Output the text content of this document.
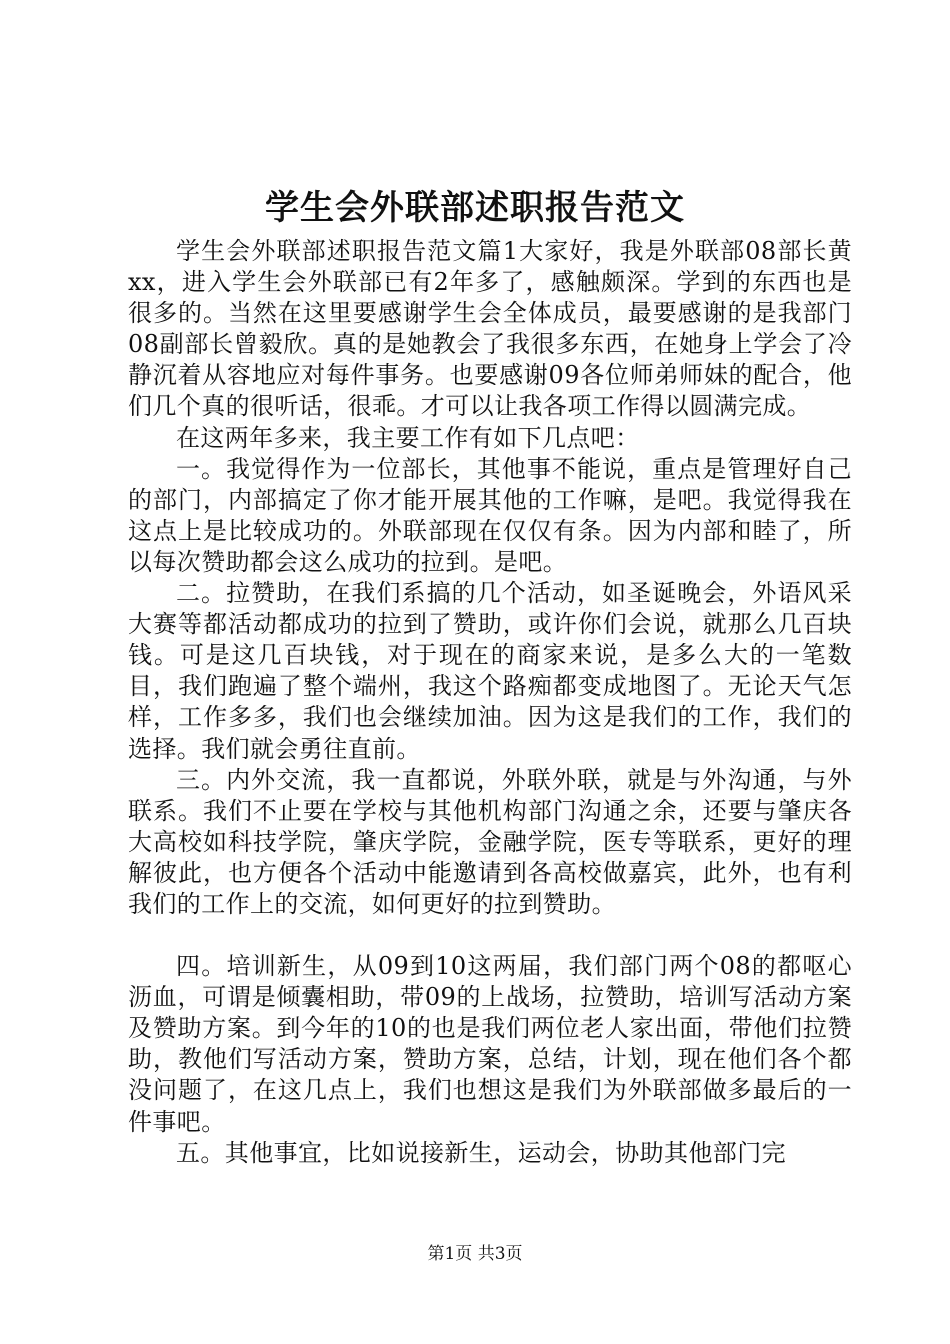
学生会外联部述职报告范文

学生会外联部述职报告范文篇1大家好，我是外联部08部长黄xx，进入学生会外联部已有2年多了，感触颇深。学到的东西也是很多的。当然在这里要感谢学生会全体成员，最要感谢的是我部门08副部长曾毅欣。真的是她教会了我很多东西，在她身上学会了冷静沉着从容地应对每件事务。也要感谢09各位师弟师妹的配合，他们几个真的很听话，很乖。才可以让我各项工作得以圆满完成。

在这两年多来，我主要工作有如下几点吧：

一。我觉得作为一位部长，其他事不能说，重点是管理好自己的部门，内部搞定了你才能开展其他的工作嘛，是吧。我觉得我在这点上是比较成功的。外联部现在仅仅有条。因为内部和睦了，所以每次赞助都会这么成功的拉到。是吧。

二。拉赞助，在我们系搞的几个活动，如圣诞晚会，外语风采大赛等都活动都成功的拉到了赞助，或许你们会说，就那么几百块钱。可是这几百块钱，对于现在的商家来说，是多么大的一笔数目，我们跑遍了整个端州，我这个路痴都变成地图了。无论天气怎样，工作多多，我们也会继续加油。因为这是我们的工作，我们的选择。我们就会勇往直前。

三。内外交流，我一直都说，外联外联，就是与外沟通，与外联系。我们不止要在学校与其他机构部门沟通之余，还要与肇庆各大高校如科技学院，肇庆学院，金融学院，医专等联系，更好的理解彼此，也方便各个活动中能邀请到各高校做嘉宾，此外，也有利我们的工作上的交流，如何更好的拉到赞助。

四。培训新生，从09到10这两届，我们部门两个08的都呕心沥血，可谓是倾囊相助，带09的上战场，拉赞助，培训写活动方案及赞助方案。到今年的10的也是我们两位老人家出面，带他们拉赞助，教他们写活动方案，赞助方案，总结，计划，现在他们各个都没问题了，在这几点上，我们也想这是我们为外联部做多最后的一件事吧。

五。其他事宜，比如说接新生，运动会，协助其他部门完

第1页 共3页
